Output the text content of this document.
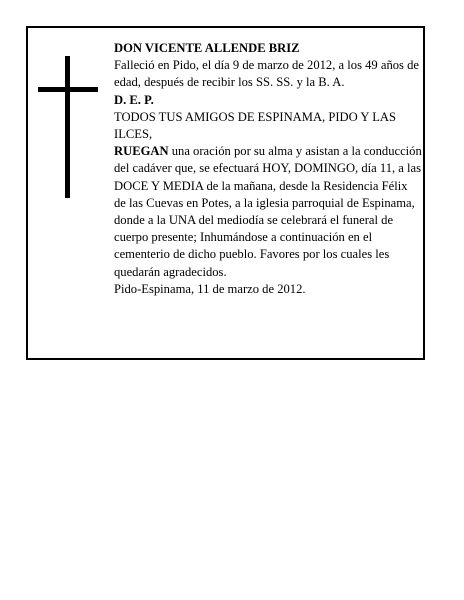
DON VICENTE ALLENDE BRIZ

Falleció en Pido, el día 9 de marzo de 2012, a los 49 años de edad, después de recibir los SS. SS. y la B. A.

D. E. P.

TODOS TUS AMIGOS DE ESPINAMA, PIDO Y LAS ILCES,

RUEGAN una oración por su alma y asistan a la conducción del cadáver que, se efectuará HOY, DOMINGO, día 11, a las DOCE Y MEDIA de la mañana, desde la Residencia Félix de las Cuevas en Potes, a la iglesia parroquial de Espinama, donde a la UNA del mediodía se celebrará el funeral de cuerpo presente; Inhumándose a continuación en el cementerio de dicho pueblo. Favores por los cuales les quedarán agradecidos.

Pido-Espinama, 11 de marzo de 2012.
